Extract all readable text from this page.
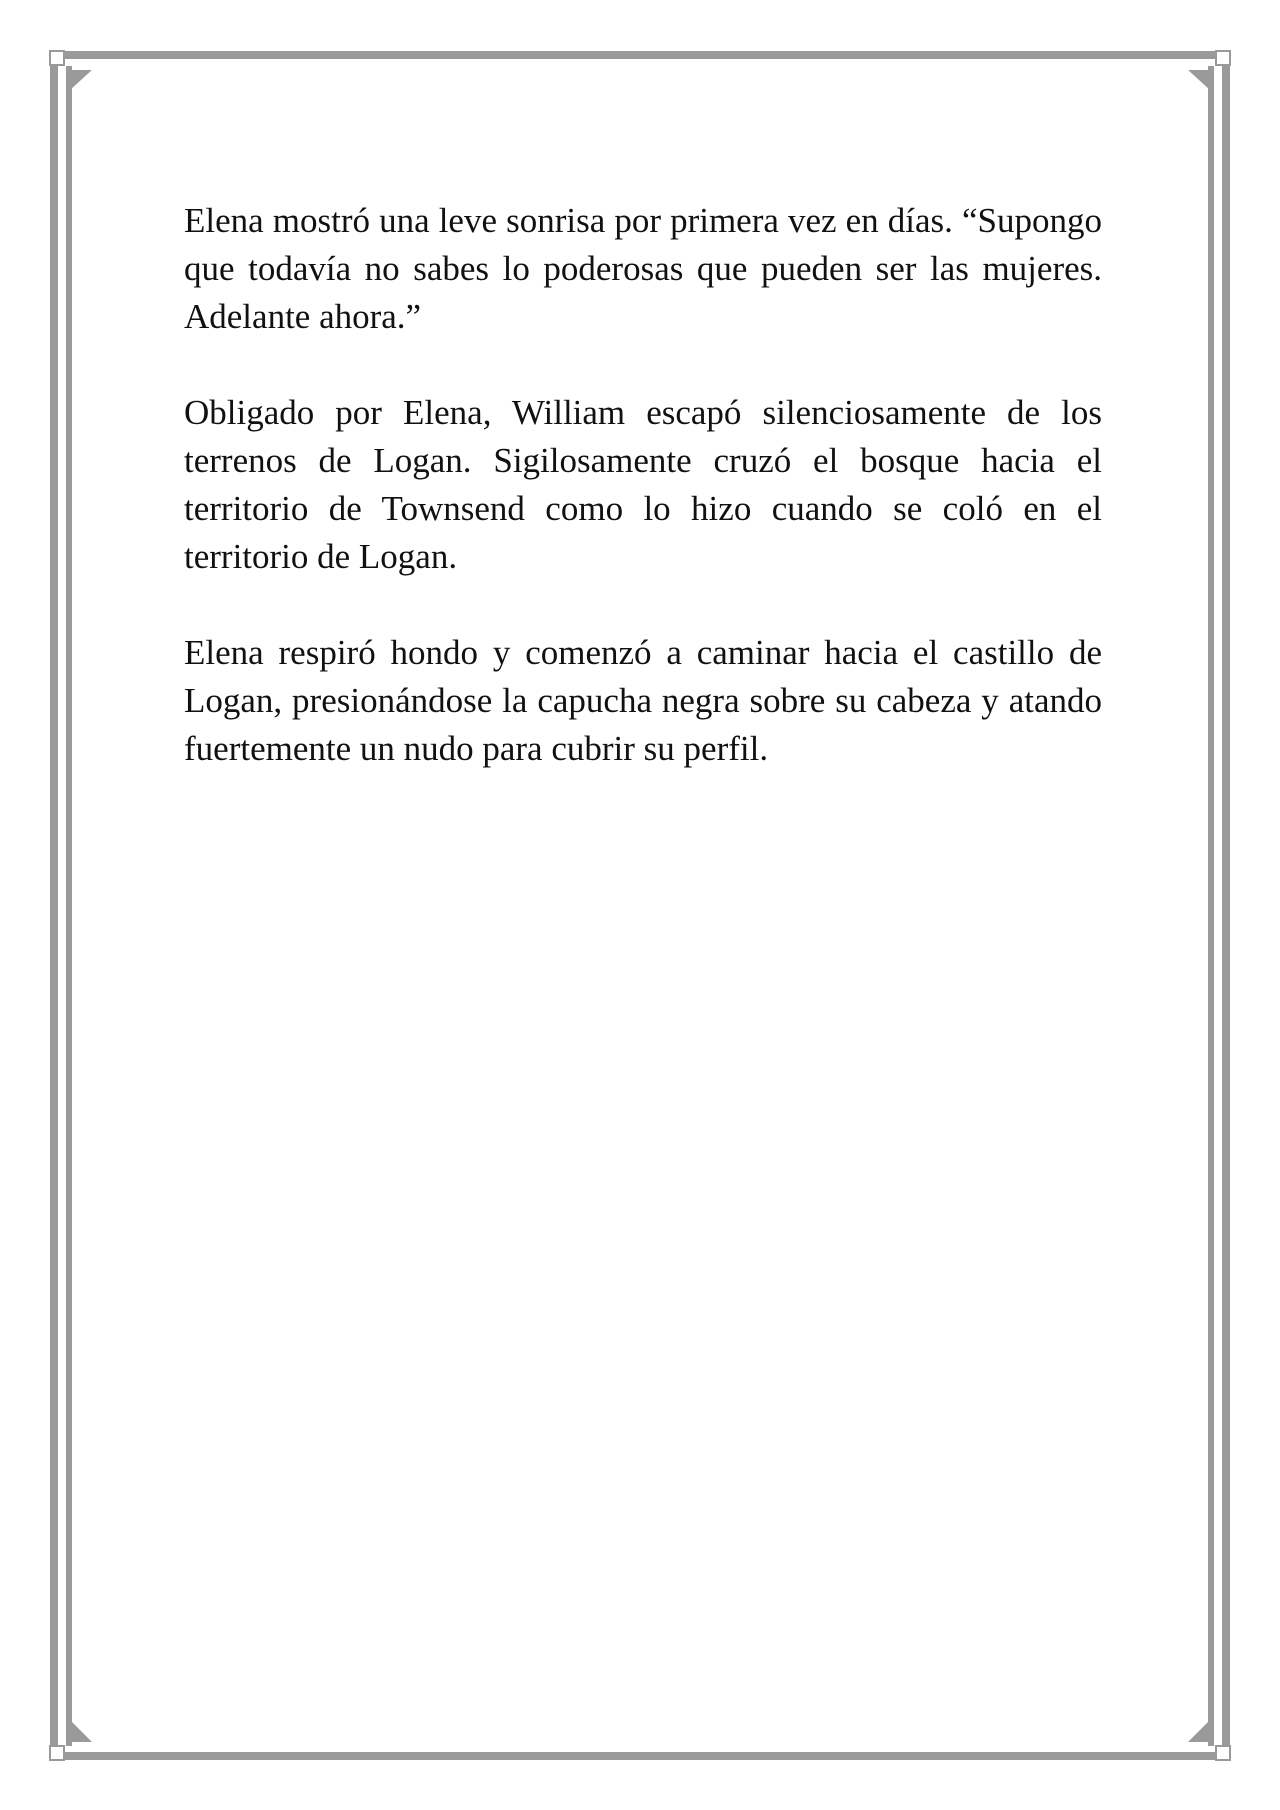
Elena mostró una leve sonrisa por primera vez en días. “Supongo que todavía no sabes lo poderosas que pueden ser las mujeres. Adelante ahora.”

Obligado por Elena, William escapó silenciosamente de los terrenos de Logan. Sigilosamente cruzó el bosque hacia el territorio de Townsend como lo hizo cuando se coló en el territorio de Logan.

Elena respiró hondo y comenzó a caminar hacia el castillo de Logan, presionándose la capucha negra sobre su cabeza y atando fuertemente un nudo para cubrir su perfil.
